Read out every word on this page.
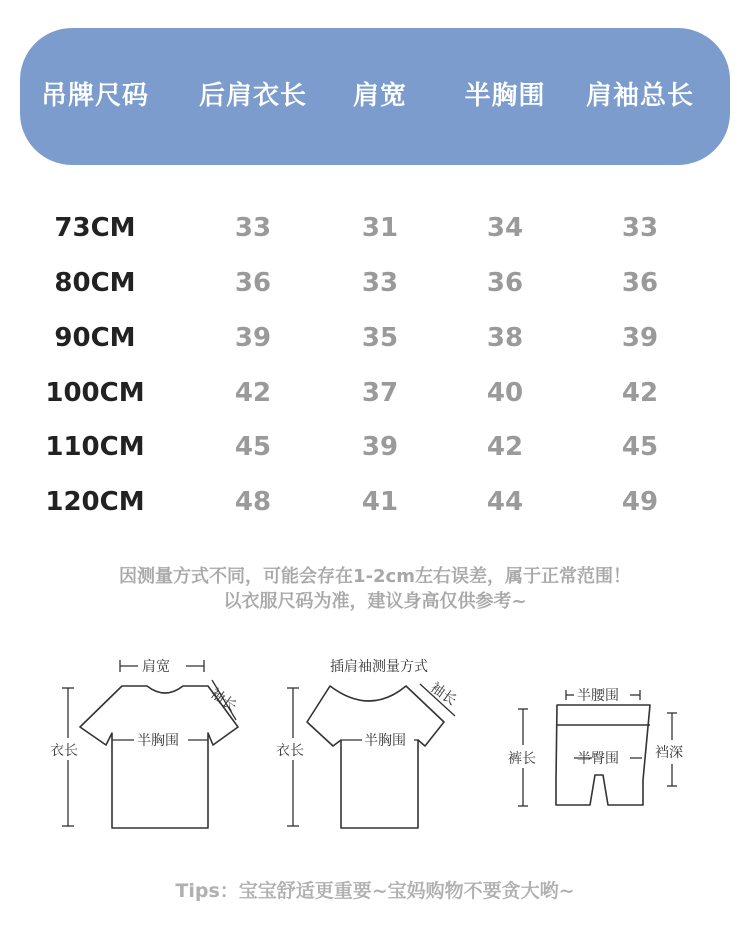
吊牌尺码	后肩衣长	肩宽	半胸围	肩袖总长
73CM	33	31	34	33
80CM	36	33	36	36
90CM	39	35	38	39
100CM	42	37	40	42
110CM	45	39	42	45
120CM	48	41	44	49
因测量方式不同，可能会存在1-2cm左右误差，属于正常范围！
以衣服尺码为准，建议身高仅供参考~
肩宽
袖长
半胸围
衣长
插肩袖测量方式
袖长
半胸围
衣长
半腰围
裤长	半臀围	裆深
Tips：宝宝舒适更重要~宝妈购物不要贪大哟~
